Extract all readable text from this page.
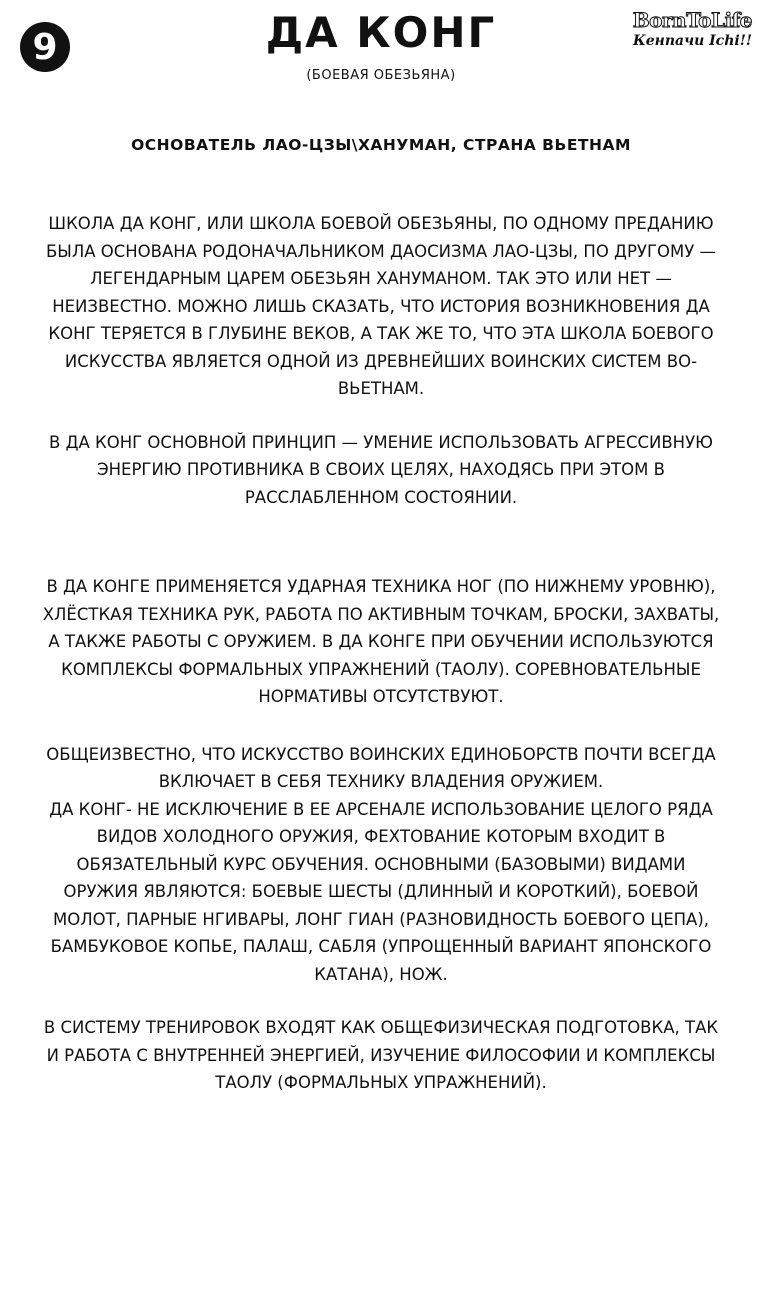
9	ДА КОНГ
(БОЕВАЯ ОБЕЗЬЯНА)
BornToLife
Кенпачи Ichi!!
ОСНОВАТЕЛЬ ЛАО-ЦЗЫ\ХАНУМАН, СТРАНА ВЬЕТНАМ

ШКОЛА ДА КОНГ, ИЛИ ШКОЛА БОЕВОЙ ОБЕЗЬЯНЫ, ПО ОДНОМУ ПРЕДАНИЮ БЫЛА ОСНОВАНА РОДОНАЧАЛЬНИКОМ ДАОСИЗМА ЛАО-ЦЗЫ, ПО ДРУГОМУ — ЛЕГЕНДАРНЫМ ЦАРЕМ ОБЕЗЬЯН ХАНУМАНОМ. ТАК ЭТО ИЛИ НЕТ — НЕИЗВЕСТНО. МОЖНО ЛИШЬ СКАЗАТЬ, ЧТО ИСТОРИЯ ВОЗНИКНОВЕНИЯ ДА КОНГ ТЕРЯЕТСЯ В ГЛУБИНЕ ВЕКОВ, А ТАК ЖЕ ТО, ЧТО ЭТА ШКОЛА БОЕВОГО ИСКУССТВА ЯВЛЯЕТСЯ ОДНОЙ ИЗ ДРЕВНЕЙШИХ ВОИНСКИХ СИСТЕМ ВО-ВЬЕТНАМ.

В ДА КОНГ ОСНОВНОЙ ПРИНЦИП — УМЕНИЕ ИСПОЛЬЗОВАТЬ АГРЕССИВНУЮ ЭНЕРГИЮ ПРОТИВНИКА В СВОИХ ЦЕЛЯХ, НАХОДЯСЬ ПРИ ЭТОМ В РАССЛАБЛЕННОМ СОСТОЯНИИ.

В ДА КОНГЕ ПРИМЕНЯЕТСЯ УДАРНАЯ ТЕХНИКА НОГ (ПО НИЖНЕМУ УРОВНЮ), ХЛЁСТКАЯ ТЕХНИКА РУК, РАБОТА ПО АКТИВНЫМ ТОЧКАМ, БРОСКИ, ЗАХВАТЫ, А ТАКЖЕ РАБОТЫ С ОРУЖИЕМ. В ДА КОНГЕ ПРИ ОБУЧЕНИИ ИСПОЛЬЗУЮТСЯ КОМПЛЕКСЫ ФОРМАЛЬНЫХ УПРАЖНЕНИЙ (ТАОЛУ). СОРЕВНОВАТЕЛЬНЫЕ НОРМАТИВЫ ОТСУТСТВУЮТ.

ОБЩЕИЗВЕСТНО, ЧТО ИСКУССТВО ВОИНСКИХ ЕДИНОБОРСТВ ПОЧТИ ВСЕГДА ВКЛЮЧАЕТ В СЕБЯ ТЕХНИКУ ВЛАДЕНИЯ ОРУЖИЕМ.

ДА КОНГ- НЕ ИСКЛЮЧЕНИЕ В ЕЕ АРСЕНАЛЕ ИСПОЛЬЗОВАНИЕ ЦЕЛОГО РЯДА ВИДОВ ХОЛОДНОГО ОРУЖИЯ, ФЕХТОВАНИЕ КОТОРЫМ ВХОДИТ В ОБЯЗАТЕЛЬНЫЙ КУРС ОБУЧЕНИЯ. ОСНОВНЫМИ (БАЗОВЫМИ) ВИДАМИ ОРУЖИЯ ЯВЛЯЮТСЯ: БОЕВЫЕ ШЕСТЫ (ДЛИННЫЙ И КОРОТКИЙ), БОЕВОЙ МОЛОТ, ПАРНЫЕ НГИВАРЫ, ЛОНГ ГИАН (РАЗНОВИДНОСТЬ БОЕВОГО ЦЕПА), БАМБУКОВОЕ КОПЬЕ, ПАЛАШ, САБЛЯ (УПРОЩЕННЫЙ ВАРИАНТ ЯПОНСКОГО КАТАНА), НОЖ.

В СИСТЕМУ ТРЕНИРОВОК ВХОДЯТ КАК ОБЩЕФИЗИЧЕСКАЯ ПОДГОТОВКА, ТАК И РАБОТА С ВНУТРЕННЕЙ ЭНЕРГИЕЙ, ИЗУЧЕНИЕ ФИЛОСОФИИ И КОМПЛЕКСЫ ТАОЛУ (ФОРМАЛЬНЫХ УПРАЖНЕНИЙ).
